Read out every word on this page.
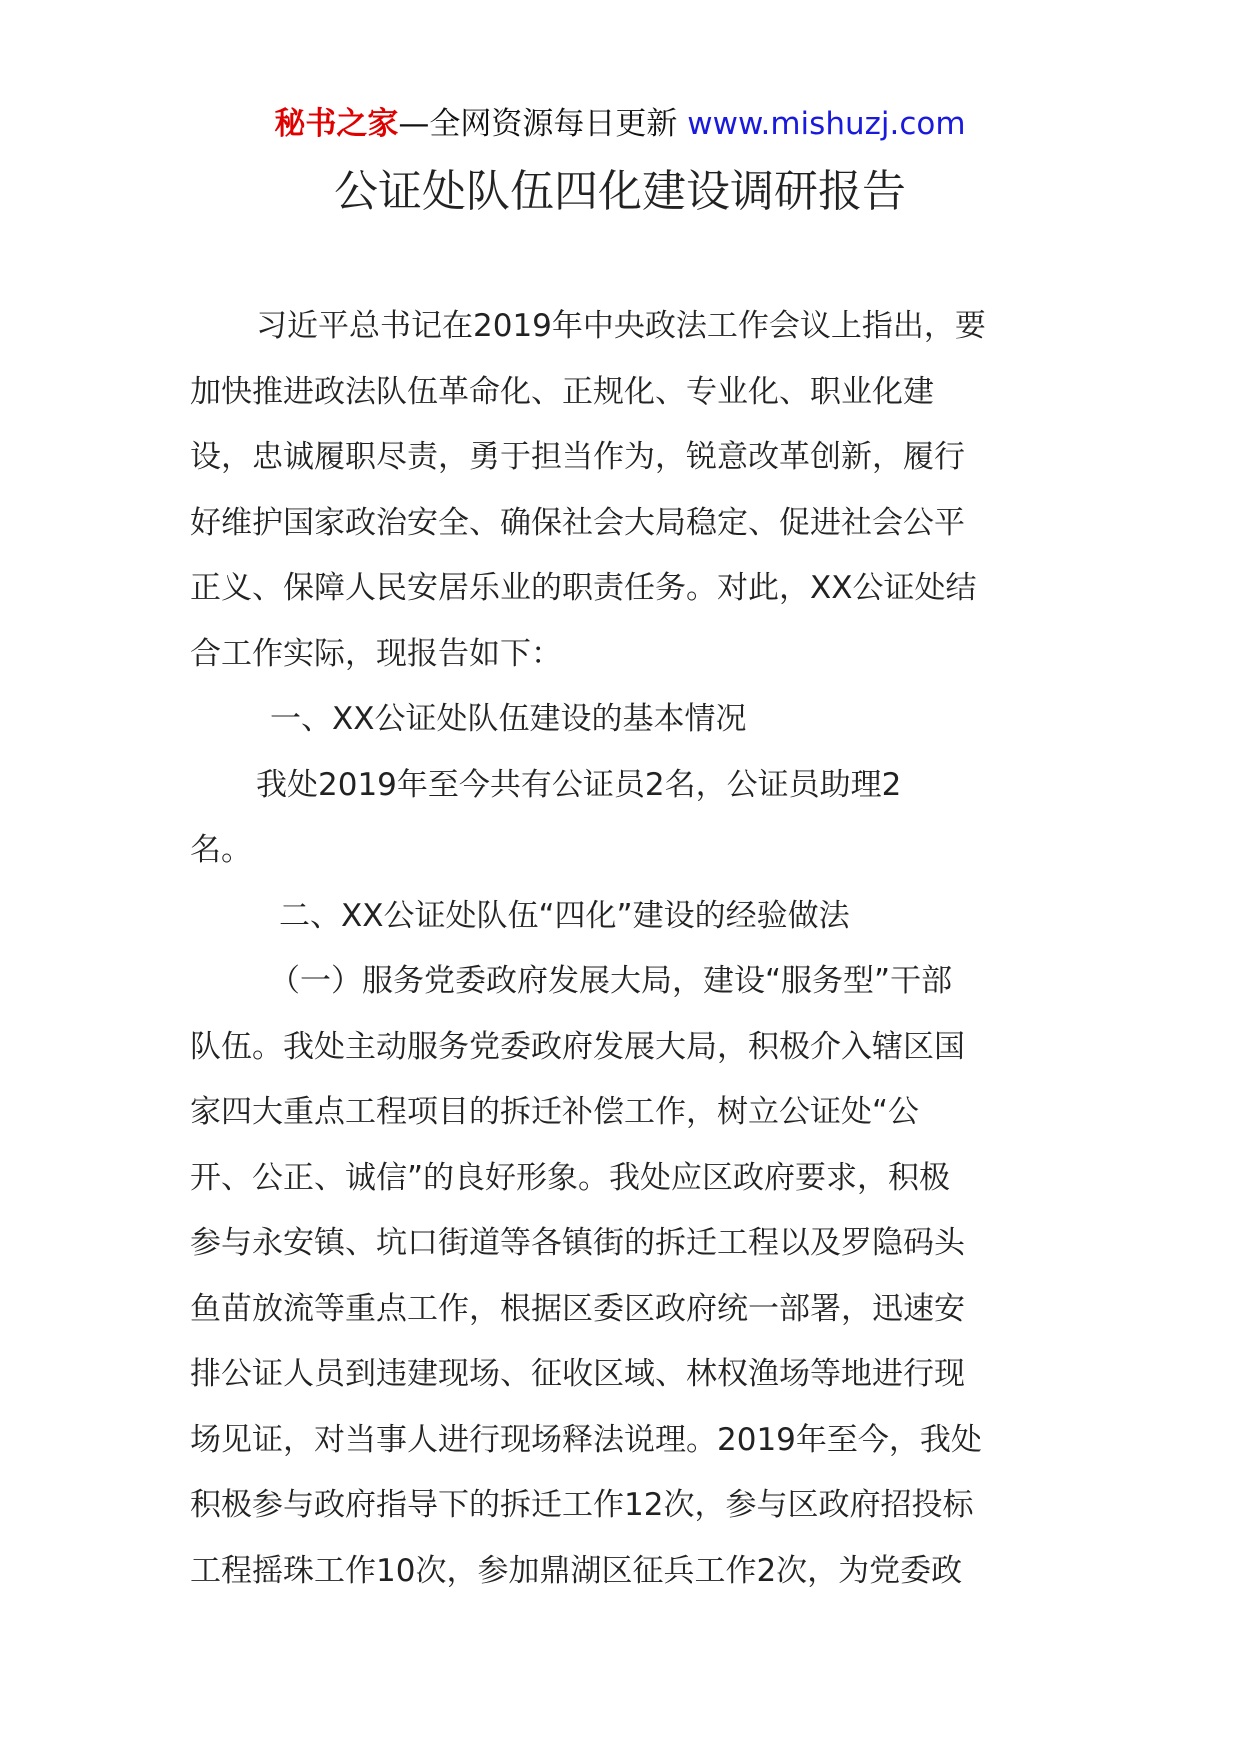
秘书之家—全网资源每日更新 www.mishuzj.com
公证处队伍四化建设调研报告
习近平总书记在2019年中央政法工作会议上指出，要
加快推进政法队伍革命化、正规化、专业化、职业化建
设，忠诚履职尽责，勇于担当作为，锐意改革创新，履行
好维护国家政治安全、确保社会大局稳定、促进社会公平
正义、保障人民安居乐业的职责任务。对此，XX公证处结
合工作实际，现报告如下：
一、XX公证处队伍建设的基本情况
我处2019年至今共有公证员2名，公证员助理2
名。
二、XX公证处队伍“四化”建设的经验做法
（一）服务党委政府发展大局，建设“服务型”干部
队伍。我处主动服务党委政府发展大局，积极介入辖区国
家四大重点工程项目的拆迁补偿工作，树立公证处“公
开、公正、诚信”的良好形象。我处应区政府要求，积极
参与永安镇、坑口街道等各镇街的拆迁工程以及罗隐码头
鱼苗放流等重点工作，根据区委区政府统一部署，迅速安
排公证人员到违建现场、征收区域、林权渔场等地进行现
场见证，对当事人进行现场释法说理。2019年至今，我处
积极参与政府指导下的拆迁工作12次，参与区政府招投标
工程摇珠工作10次，参加鼎湖区征兵工作2次，为党委政
